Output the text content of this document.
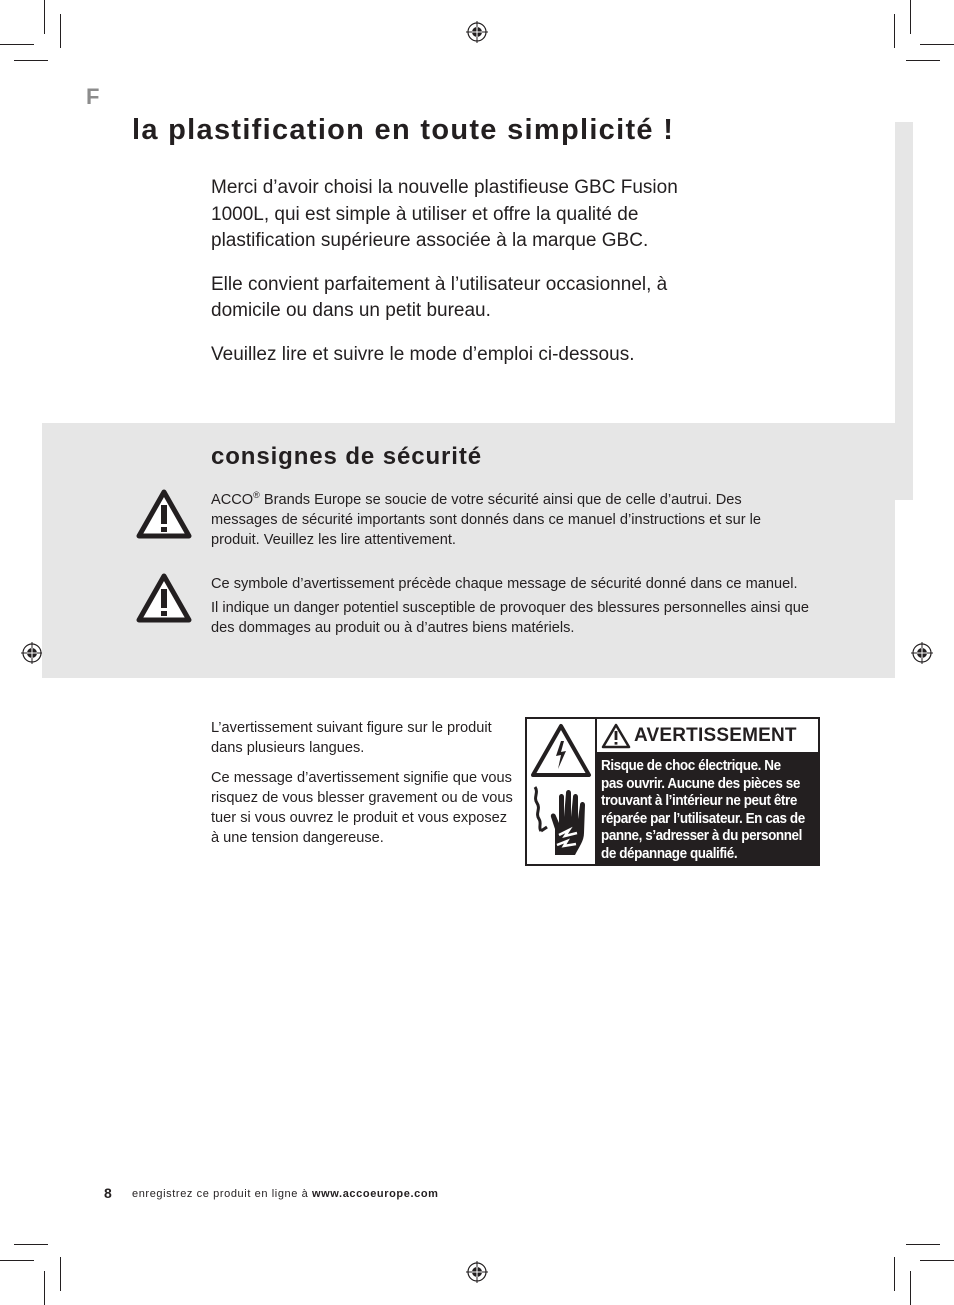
F
la plastification en toute simplicité !

Merci d’avoir choisi la nouvelle plastifieuse GBC Fusion 1000L, qui est simple à utiliser et offre la qualité de plastification supérieure associée à la marque GBC.

Elle convient parfaitement à l’utilisateur occasionnel, à domicile ou dans un petit bureau.

Veuillez lire et suivre le mode d’emploi ci-dessous.

consignes de sécurité

ACCO® Brands Europe se soucie de votre sécurité ainsi que de celle d’autrui. Des messages de sécurité importants sont donnés dans ce manuel d’instructions et sur le produit. Veuillez les lire attentivement.

Ce symbole d’avertissement précède chaque message de sécurité donné dans ce manuel.

Il indique un danger potentiel susceptible de provoquer des blessures personnelles ainsi que des dommages au produit ou à d’autres biens matériels.

L’avertissement suivant figure sur le produit dans plusieurs langues.

Ce message d’avertissement signifie que vous risquez de vous blesser gravement ou de vous tuer si vous ouvrez le produit et vous exposez à une tension dangereuse.

AVERTISSEMENT
Risque de choc électrique. Ne
pas ouvrir. Aucune des pièces se
trouvant à l’intérieur ne peut être
réparée par l’utilisateur. En cas de
panne, s’adresser à du personnel
de dépannage qualifié.
8 enregistrez ce produit en ligne à www.accoeurope.com
